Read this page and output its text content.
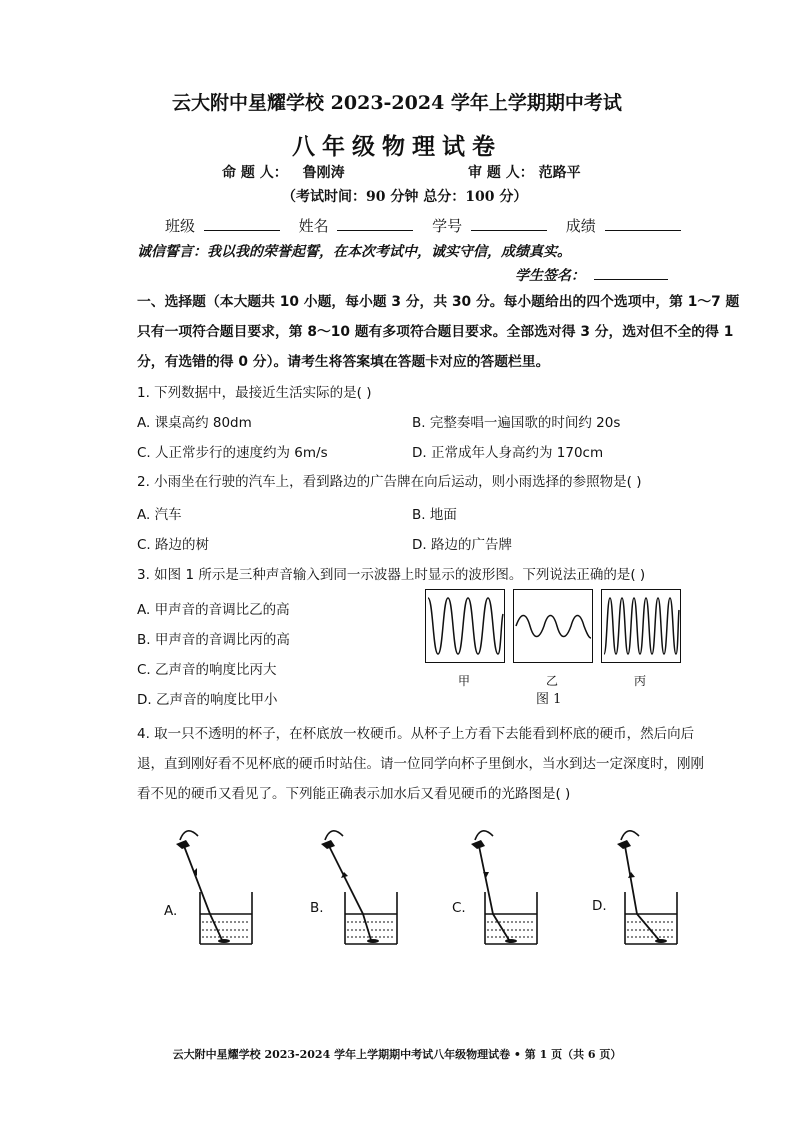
云大附中星耀学校 2023-2024 学年上学期期中考试
八年级物理试卷
命 题 人： 鲁刚涛	审 题 人： 范路平
（考试时间：90 分钟 总分：100 分）
班级	姓名	学号	成绩
诚信誓言：我以我的荣誉起誓，在本次考试中，诚实守信，成绩真实。
学生签名：
一、选择题（本大题共 10 小题，每小题 3 分，共 30 分。每小题给出的四个选项中，第 1～7 题
只有一项符合题目要求，第 8～10 题有多项符合题目要求。全部选对得 3 分，选对但不全的得 1
分，有选错的得 0 分）。请考生将答案填在答题卡对应的答题栏里。
1. 下列数据中，最接近生活实际的是( )
A. 课桌高约 80dm	B. 完整奏唱一遍国歌的时间约 20s
C. 人正常步行的速度约为 6m/s	D. 正常成年人身高约为 170cm
2. 小雨坐在行驶的汽车上，看到路边的广告牌在向后运动，则小雨选择的参照物是( )
A. 汽车	B. 地面
C. 路边的树	D. 路边的广告牌
3. 如图 1 所示是三种声音输入到同一示波器上时显示的波形图。下列说法正确的是( )
A. 甲声音的音调比乙的高
B. 甲声音的音调比丙的高
C. 乙声音的响度比丙大
D. 乙声音的响度比甲小
甲	乙	丙
图 1
4. 取一只不透明的杯子，在杯底放一枚硬币。从杯子上方看下去能看到杯底的硬币，然后向后
退，直到刚好看不见杯底的硬币时站住。请一位同学向杯子里倒水，当水到达一定深度时，刚刚
看不见的硬币又看见了。下列能正确表示加水后又看见硬币的光路图是( )
A.	B.	C.	D.
云大附中星耀学校 2023-2024 学年上学期期中考试八年级物理试卷 • 第 1 页（共 6 页）
